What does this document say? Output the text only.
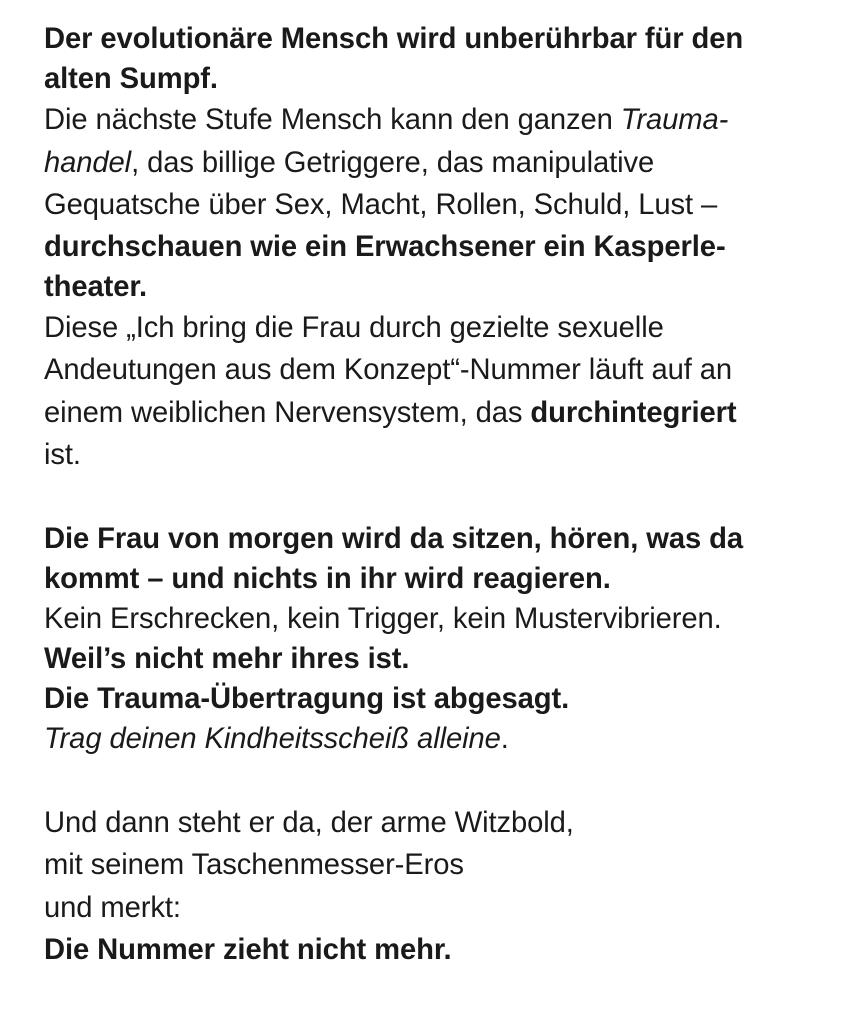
Der evolutionäre Mensch wird unberührbar für den
alten Sumpf.
Die nächste Stufe Mensch kann den ganzen Trauma-
handel, das billige Getriggere, das manipulative
Gequatsche über Sex, Macht, Rollen, Schuld, Lust –
durchschauen wie ein Erwachsener ein Kasperle-
theater.
Diese „Ich bring die Frau durch gezielte sexuelle
Andeutungen aus dem Konzept“-Nummer läuft auf an
einem weiblichen Nervensystem, das durchintegriert
ist.
Die Frau von morgen wird da sitzen, hören, was da
kommt – und nichts in ihr wird reagieren.
Kein Erschrecken, kein Trigger, kein Mustervibrieren.
Weil’s nicht mehr ihres ist.
Die Trauma-Übertragung ist abgesagt.
Trag deinen Kindheitsscheiß alleine.
Und dann steht er da, der arme Witzbold,
mit seinem Taschenmesser-Eros
und merkt:
Die Nummer zieht nicht mehr.
